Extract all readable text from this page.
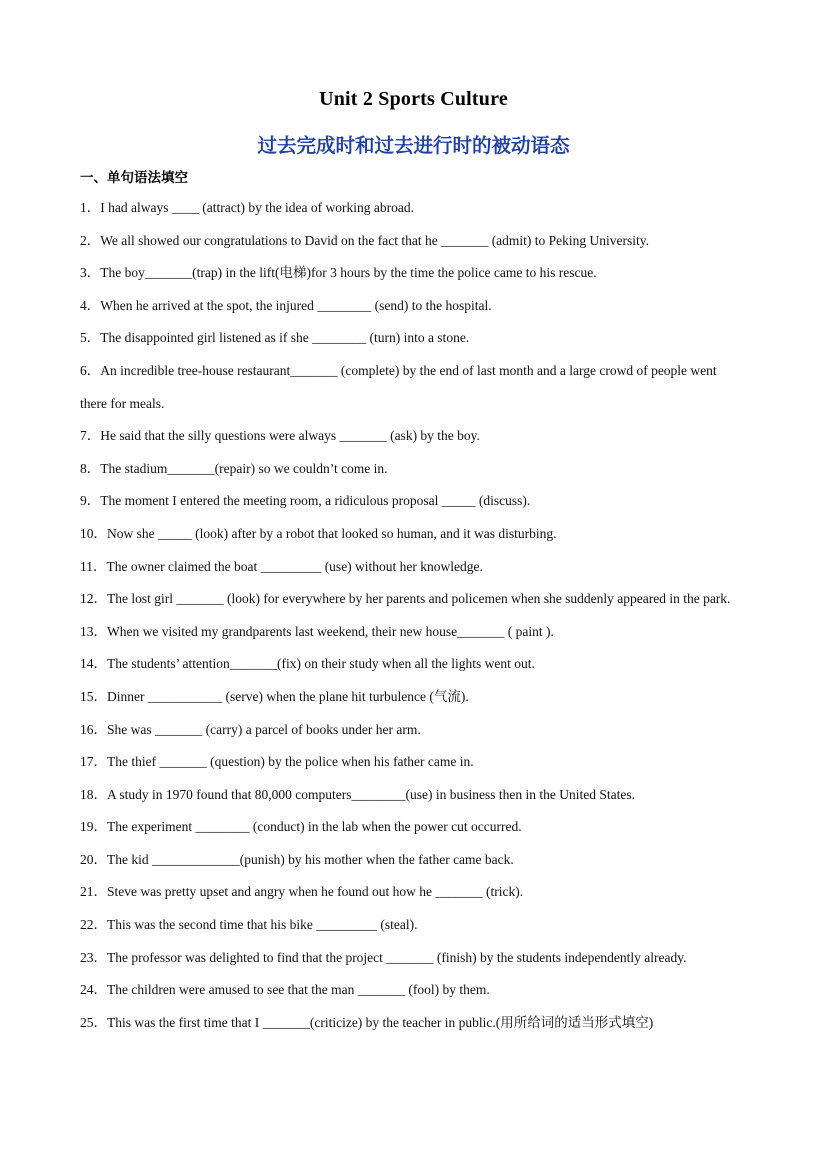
Unit 2 Sports Culture
过去完成时和过去进行时的被动语态
一、单句语法填空
1．I had always ____ (attract) by the idea of working abroad.
2．We all showed our congratulations to David on the fact that he _______ (admit) to Peking University.
3．The boy_______(trap) in the lift(电梯)for 3 hours by the time the police came to his rescue.
4．When he arrived at the spot, the injured ________ (send) to the hospital.
5．The disappointed girl listened as if she ________ (turn) into a stone.
6．An incredible tree-house restaurant_______ (complete) by the end of last month and a large crowd of people went there for meals.
7．He said that the silly questions were always _______ (ask) by the boy.
8．The stadium_______(repair) so we couldn’t come in.
9．The moment I entered the meeting room, a ridiculous proposal _____ (discuss).
10．Now she _____ (look) after by a robot that looked so human, and it was disturbing.
11．The owner claimed the boat _________ (use) without her knowledge.
12．The lost girl _______ (look) for everywhere by her parents and policemen when she suddenly appeared in the park.
13．When we visited my grandparents last weekend, their new house_______ ( paint ).
14．The students’ attention_______(fix) on their study when all the lights went out.
15．Dinner ___________ (serve) when the plane hit turbulence (气流).
16．She was _______ (carry) a parcel of books under her arm.
17．The thief _______ (question) by the police when his father came in.
18．A study in 1970 found that 80,000 computers________(use) in business then in the United States.
19．The experiment ________ (conduct) in the lab when the power cut occurred.
20．The kid _____________(punish) by his mother when the father came back.
21．Steve was pretty upset and angry when he found out how he _______ (trick).
22．This was the second time that his bike _________ (steal).
23．The professor was delighted to find that the project _______ (finish) by the students independently already.
24．The children were amused to see that the man _______ (fool) by them.
25．This was the first time that I _______(criticize) by the teacher in public.(用所给词的适当形式填空)
